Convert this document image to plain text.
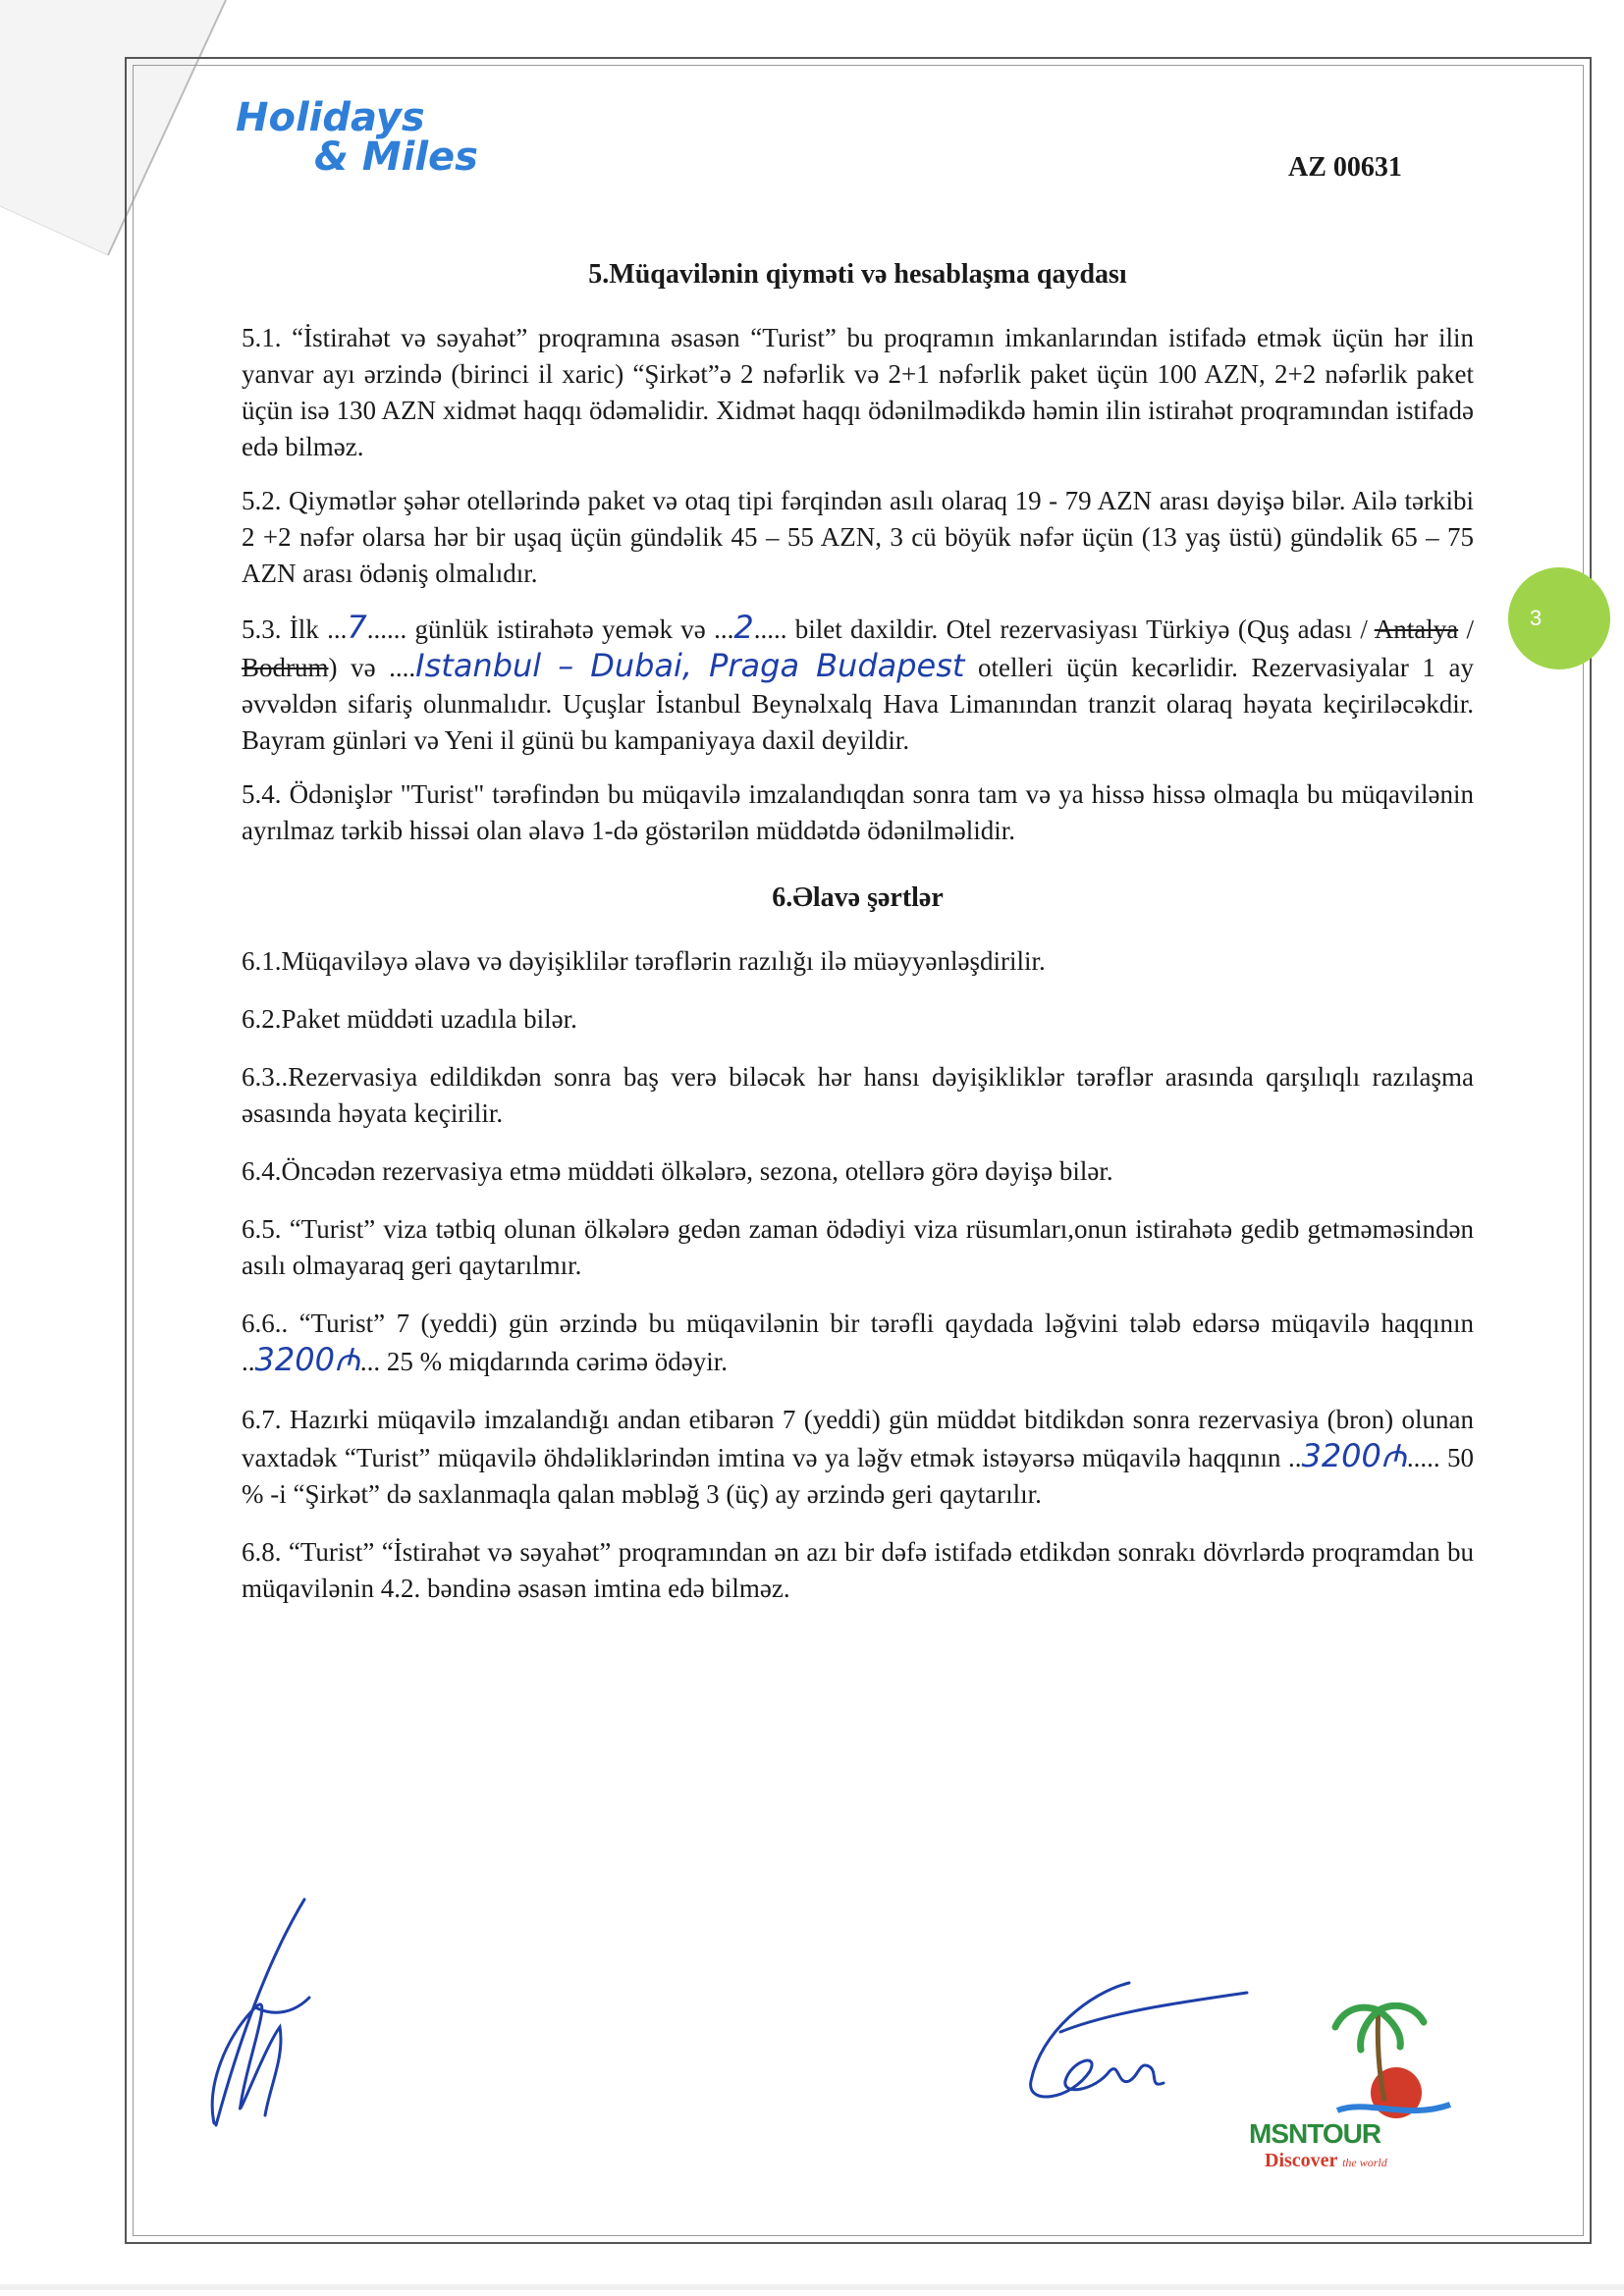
Holidays
& Miles	AZ 00631
3
5.Müqavilənin qiyməti və hesablaşma qaydası

5.1. “İstirahət və səyahət” proqramına əsasən “Turist” bu proqramın imkanlarından istifadə etmək üçün hər ilin yanvar ayı ərzində (birinci il xaric) “Şirkət”ə 2 nəfərlik və 2+1 nəfərlik paket üçün 100 AZN, 2+2 nəfərlik paket üçün isə 130 AZN xidmət haqqı ödəməlidir. Xidmət haqqı ödənilmədikdə həmin ilin istirahət proqramından istifadə edə bilməz.

5.2. Qiymətlər şəhər otellərində paket və otaq tipi fərqindən asılı olaraq 19 - 79 AZN arası dəyişə bilər. Ailə tərkibi 2 +2 nəfər olarsa hər bir uşaq üçün gündəlik 45 – 55 AZN, 3 cü böyük nəfər üçün (13 yaş üstü) gündəlik 65 – 75 AZN arası ödəniş olmalıdır.

5.3. İlk ...7...... günlük istirahətə yemək və ...2..... bilet daxildir. Otel rezervasiyası Türkiyə (Quş adası / Antalya / Bodrum) və ....Istanbul – Dubai, Praga Budapest otelleri üçün kecərlidir. Rezervasiyalar 1 ay əvvəldən sifariş olunmalıdır. Uçuşlar İstanbul Beynəlxalq Hava Limanından tranzit olaraq həyata keçiriləcəkdir. Bayram günləri və Yeni il günü bu kampaniyaya daxil deyildir.

5.4. Ödənişlər "Turist" tərəfindən bu müqavilə imzalandıqdan sonra tam və ya hissə hissə olmaqla bu müqavilənin ayrılmaz tərkib hissəi olan əlavə 1-də göstərilən müddətdə ödənilməlidir.

6.Əlavə şərtlər

6.1.Müqaviləyə əlavə və dəyişiklilər tərəflərin razılığı ilə müəyyənləşdirilir.

6.2.Paket müddəti uzadıla bilər.

6.3..Rezervasiya edildikdən sonra baş verə biləcək hər hansı dəyişikliklər tərəflər arasında qarşılıqlı razılaşma əsasında həyata keçirilir.

6.4.Öncədən rezervasiya etmə müddəti ölkələrə, sezona, otellərə görə dəyişə bilər.

6.5. “Turist” viza tətbiq olunan ölkələrə gedən zaman ödədiyi viza rüsumları,onun istirahətə gedib getməməsindən asılı olmayaraq geri qaytarılmır.

6.6.. “Turist” 7 (yeddi) gün ərzində bu müqavilənin bir tərəfli qaydada ləğvini tələb edərsə müqavilə haqqının ..3200₼... 25 % miqdarında cərimə ödəyir.

6.7. Hazırki müqavilə imzalandığı andan etibarən 7 (yeddi) gün müddət bitdikdən sonra rezervasiya (bron) olunan vaxtadək “Turist” müqavilə öhdəliklərindən imtina və ya ləğv etmək istəyərsə müqavilə haqqının ..3200₼..... 50 % -i “Şirkət” də saxlanmaqla qalan məbləğ 3 (üç) ay ərzində geri qaytarılır.

6.8. “Turist” “İstirahət və səyahət” proqramından ən azı bir dəfə istifadə etdikdən sonrakı dövrlərdə proqramdan bu müqavilənin 4.2. bəndinə əsasən imtina edə bilməz.

MSNTOUR
Discover the world
